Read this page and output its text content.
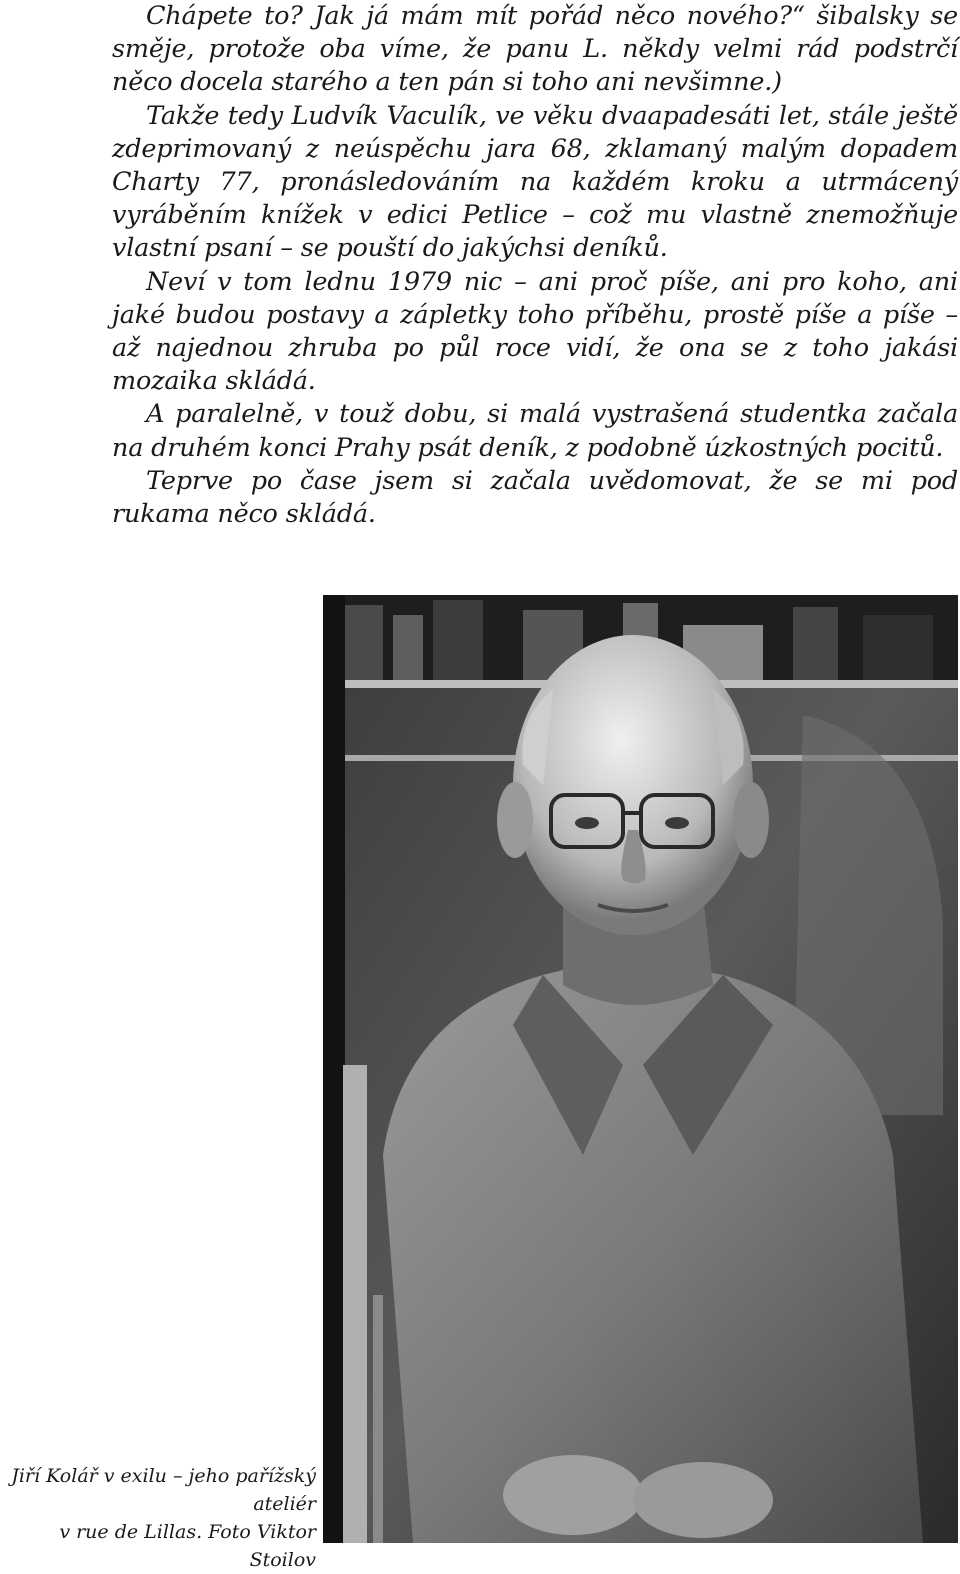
Chápete to? Jak já mám mít pořád něco nového?“ šibalsky se směje, protože oba víme, že panu L. někdy velmi rád podstrčí něco docela starého a ten pán si toho ani nevšimne.)

Takže tedy Ludvík Vaculík, ve věku dvaapadesáti let, stále ještě zdeprimovaný z neúspěchu jara 68, zklamaný malým dopadem Charty 77, pronásledováním na každém kroku a utrmácený vyráběním knížek v edici Petlice – což mu vlastně znemožňuje vlastní psaní – se pouští do jakýchsi deníků.

Neví v tom lednu 1979 nic – ani proč píše, ani pro koho, ani jaké budou postavy a zápletky toho příběhu, prostě píše a píše – až najednou zhruba po půl roce vidí, že ona se z toho jakási mozaika skládá.

A paralelně, v touž dobu, si malá vystrašená studentka začala na druhém konci Prahy psát deník, z podobně úzkostných pocitů.

Teprve po čase jsem si začala uvědomovat, že se mi pod rukama něco skládá.

Jiří Kolář v exilu – jeho pařížský ateliér
v rue de Lillas. Foto Viktor Stoilov
